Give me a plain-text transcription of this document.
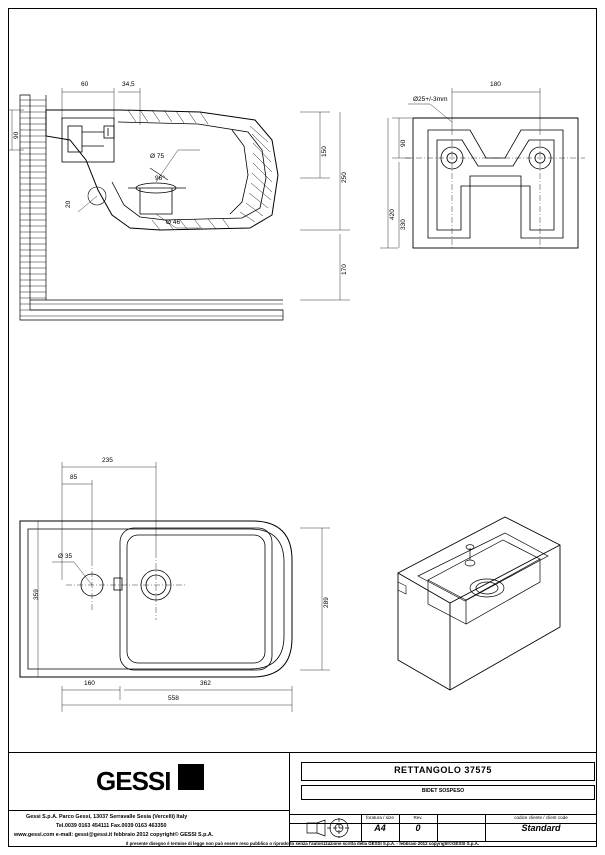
60	34,5
90
150
250
170
Ø 75
96°
Ø 46
20
180
90
420
330
Ø25+/-3mm
235
85
359
289
160	362
558
Ø 35
GESSI
Gessi S.p.A. Parco Gessi, 13037 Serravalle Sesia (Vercelli) Italy
Tel.0039 0163 454111 Fax.0039 0163 463350
www.gessi.com e-mail: gessi@gessi.it febbraio 2012 copyright© GESSI S.p.A.
RETTANGOLO 37575
BIDET SOSPESO
foratura / size
A4
Rev.
0
codice cliente / client code
Standard
Il presente disegno è termine di legge non può essere reso pubblico o riprodotto senza l'autorizzazione scritta della GESSI S.p.A. - febbraio 2012 copyright©GESSI S.p.A.
